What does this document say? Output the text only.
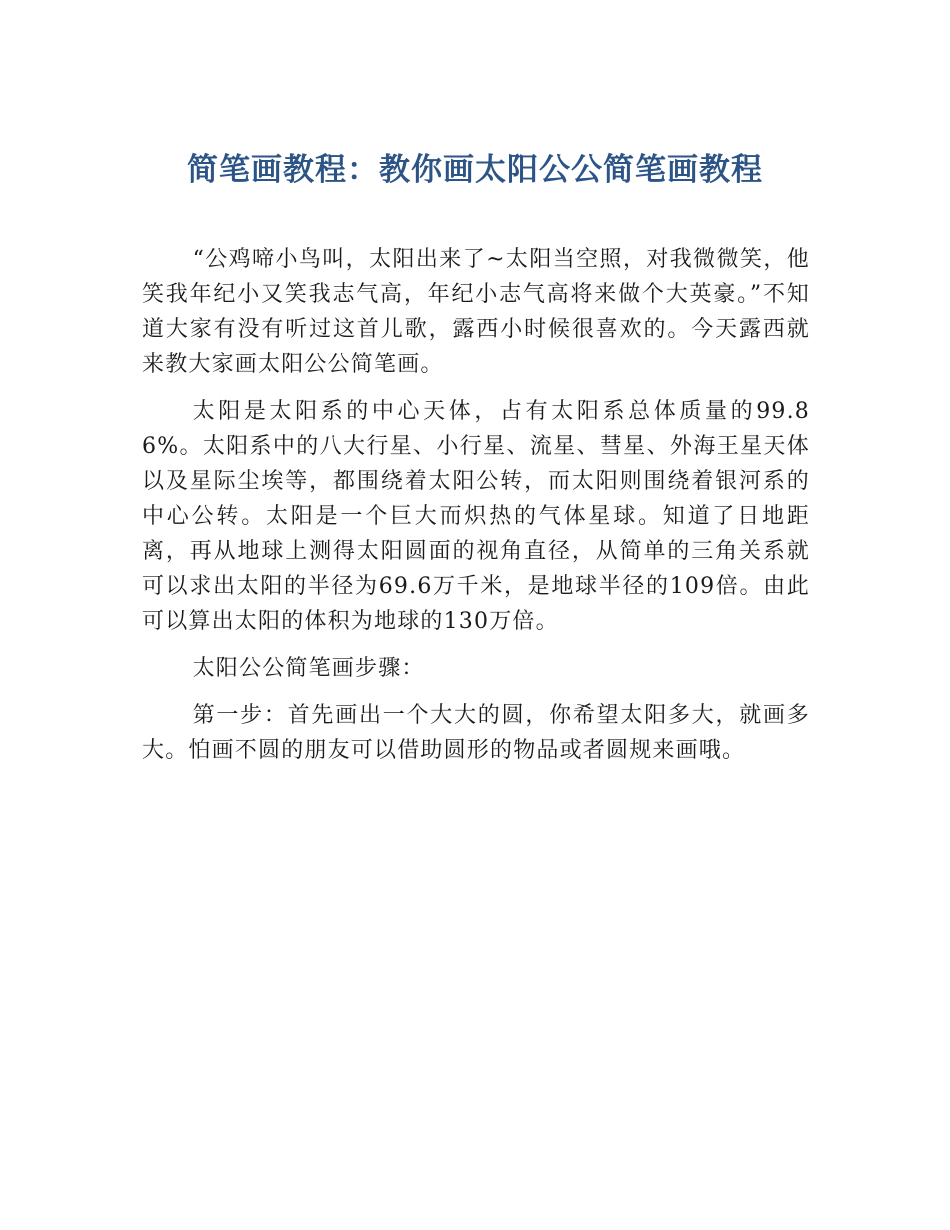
简笔画教程：教你画太阳公公简笔画教程

“公鸡啼小鸟叫，太阳出来了~太阳当空照，对我微微笑，他笑我年纪小又笑我志气高，年纪小志气高将来做个大英豪。”不知道大家有没有听过这首儿歌，露西小时候很喜欢的。今天露西就来教大家画太阳公公简笔画。

太阳是太阳系的中心天体，占有太阳系总体质量的99.86%。太阳系中的八大行星、小行星、流星、彗星、外海王星天体以及星际尘埃等，都围绕着太阳公转，而太阳则围绕着银河系的中心公转。太阳是一个巨大而炽热的气体星球。知道了日地距离，再从地球上测得太阳圆面的视角直径，从简单的三角关系就可以求出太阳的半径为69.6万千米，是地球半径的109倍。由此可以算出太阳的体积为地球的130万倍。

太阳公公简笔画步骤：

第一步：首先画出一个大大的圆，你希望太阳多大，就画多大。怕画不圆的朋友可以借助圆形的物品或者圆规来画哦。
